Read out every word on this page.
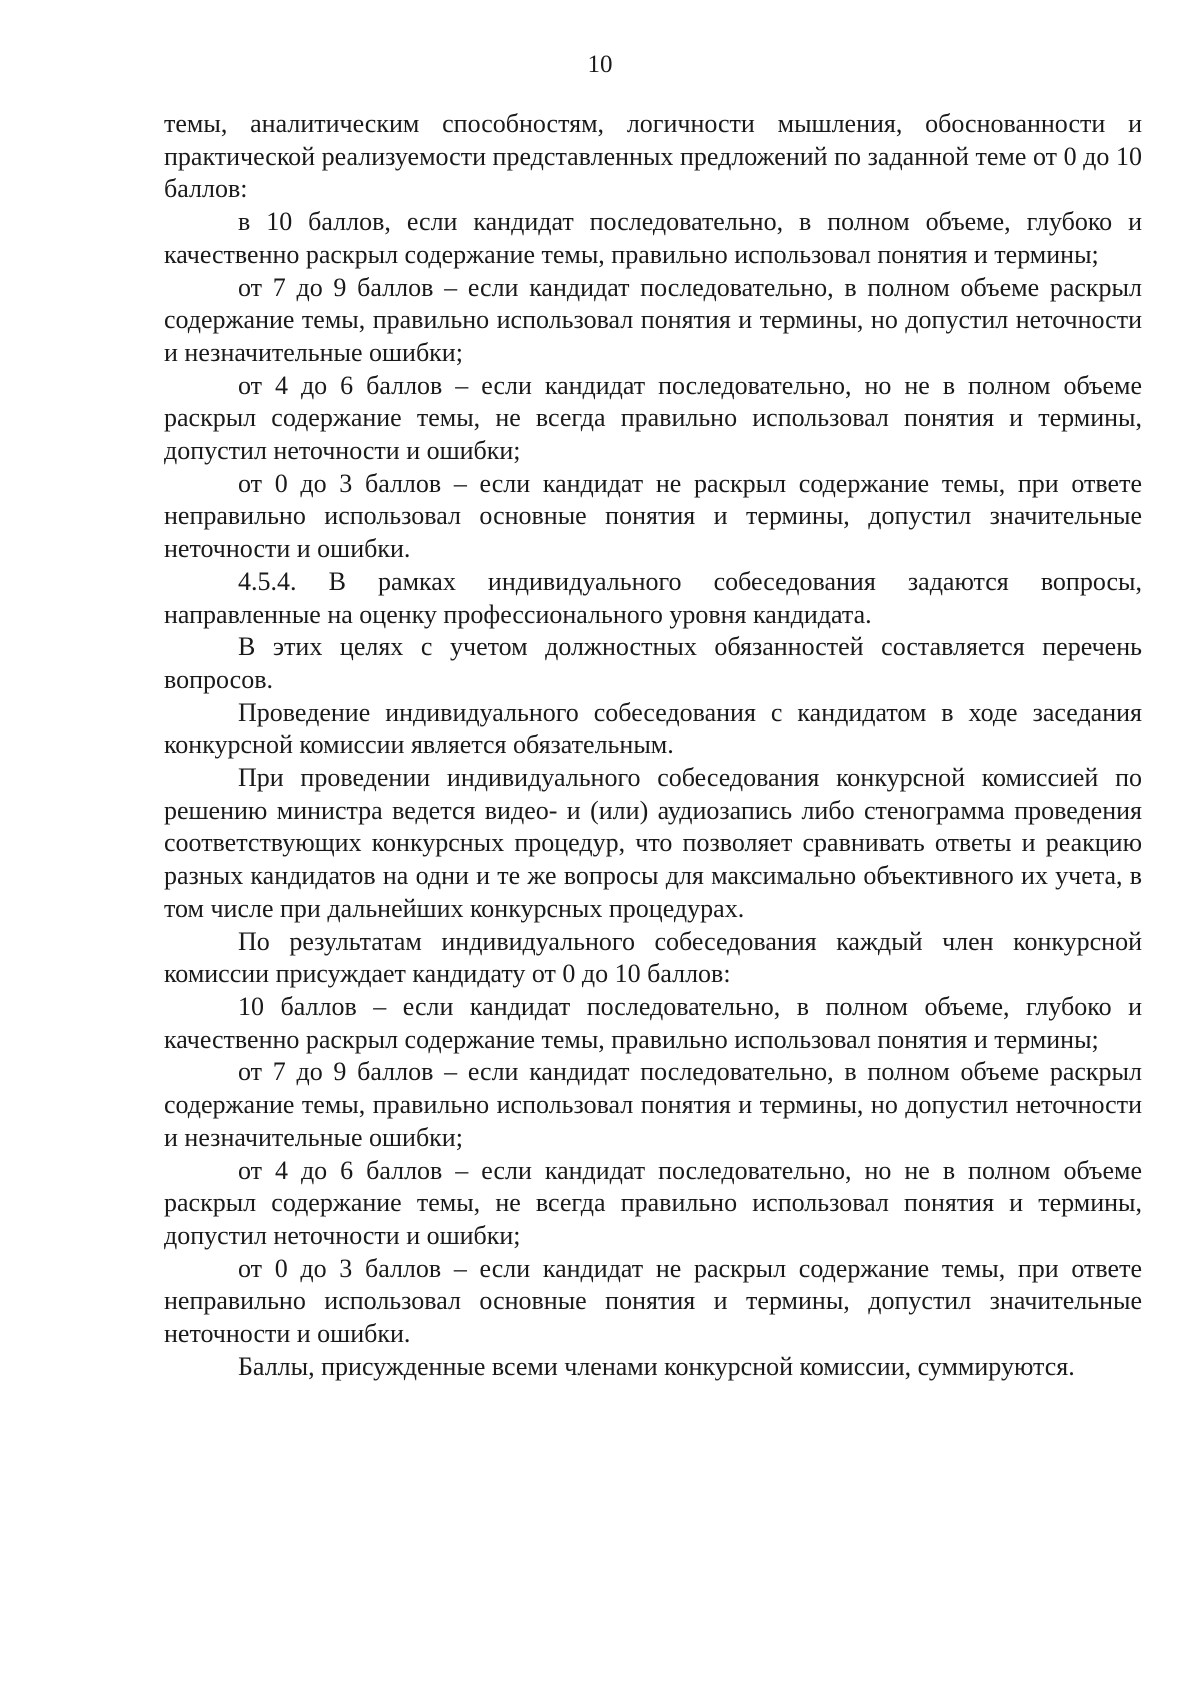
10

темы, аналитическим способностям, логичности мышления, обоснованности и практической реализуемости представленных предложений по заданной теме от 0 до 10 баллов:

в 10 баллов, если кандидат последовательно, в полном объеме, глубоко и качественно раскрыл содержание темы, правильно использовал понятия и термины;

от 7 до 9 баллов – если кандидат последовательно, в полном объеме раскрыл содержание темы, правильно использовал понятия и термины, но допустил неточности и незначительные ошибки;

от 4 до 6 баллов – если кандидат последовательно, но не в полном объеме раскрыл содержание темы, не всегда правильно использовал понятия и термины, допустил неточности и ошибки;

от 0 до 3 баллов – если кандидат не раскрыл содержание темы, при ответе неправильно использовал основные понятия и термины, допустил значительные неточности и ошибки.

4.5.4. В рамках индивидуального собеседования задаются вопросы, направленные на оценку профессионального уровня кандидата.

В этих целях с учетом должностных обязанностей составляется перечень вопросов.

Проведение индивидуального собеседования с кандидатом в ходе заседания конкурсной комиссии является обязательным.

При проведении индивидуального собеседования конкурсной комиссией по решению министра ведется видео- и (или) аудиозапись либо стенограмма проведения соответствующих конкурсных процедур, что позволяет сравнивать ответы и реакцию разных кандидатов на одни и те же вопросы для максимально объективного их учета, в том числе при дальнейших конкурсных процедурах.

По результатам индивидуального собеседования каждый член конкурсной комиссии присуждает кандидату от 0 до 10 баллов:

10 баллов – если кандидат последовательно, в полном объеме, глубоко и качественно раскрыл содержание темы, правильно использовал понятия и термины;

от 7 до 9 баллов – если кандидат последовательно, в полном объеме раскрыл содержание темы, правильно использовал понятия и термины, но допустил неточности и незначительные ошибки;

от 4 до 6 баллов – если кандидат последовательно, но не в полном объеме раскрыл содержание темы, не всегда правильно использовал понятия и термины, допустил неточности и ошибки;

от 0 до 3 баллов – если кандидат не раскрыл содержание темы, при ответе неправильно использовал основные понятия и термины, допустил значительные неточности и ошибки.

Баллы, присужденные всеми членами конкурсной комиссии, суммируются.
